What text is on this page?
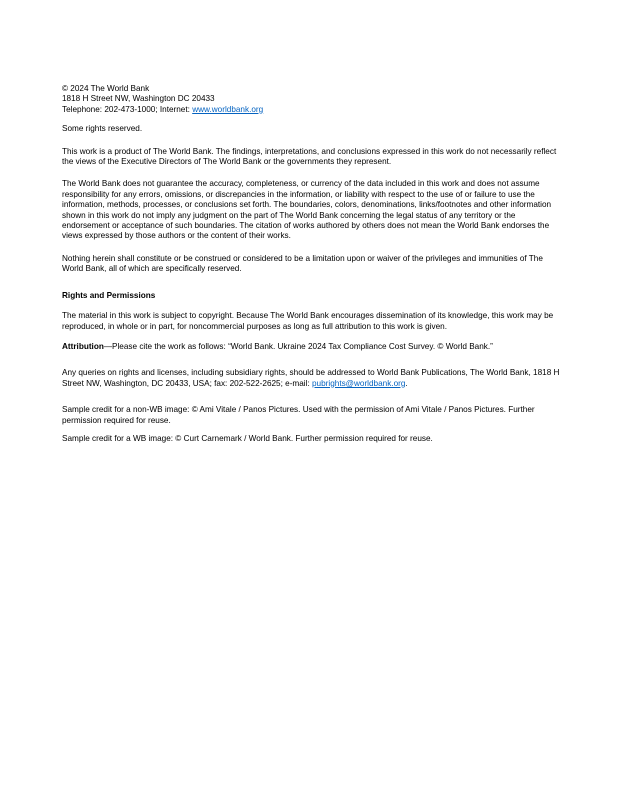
© 2024 The World Bank
1818 H Street NW, Washington DC 20433
Telephone: 202-473-1000; Internet: www.worldbank.org

Some rights reserved.

This work is a product of The World Bank. The findings, interpretations, and conclusions expressed in this work do not necessarily reflect the views of the Executive Directors of The World Bank or the governments they represent.

The World Bank does not guarantee the accuracy, completeness, or currency of the data included in this work and does not assume responsibility for any errors, omissions, or discrepancies in the information, or liability with respect to the use of or failure to use the information, methods, processes, or conclusions set forth. The boundaries, colors, denominations, links/footnotes and other information shown in this work do not imply any judgment on the part of The World Bank concerning the legal status of any territory or the endorsement or acceptance of such boundaries. The citation of works authored by others does not mean the World Bank endorses the views expressed by those authors or the content of their works.

Nothing herein shall constitute or be construed or considered to be a limitation upon or waiver of the privileges and immunities of The World Bank, all of which are specifically reserved.

Rights and Permissions

The material in this work is subject to copyright. Because The World Bank encourages dissemination of its knowledge, this work may be reproduced, in whole or in part, for noncommercial purposes as long as full attribution to this work is given.

Attribution—Please cite the work as follows: “World Bank. Ukraine 2024 Tax Compliance Cost Survey. © World Bank.”

Any queries on rights and licenses, including subsidiary rights, should be addressed to World Bank Publications, The World Bank, 1818 H Street NW, Washington, DC 20433, USA; fax: 202-522-2625; e-mail: pubrights@worldbank.org.

Sample credit for a non-WB image: © Ami Vitale / Panos Pictures. Used with the permission of Ami Vitale / Panos Pictures. Further permission required for reuse.

Sample credit for a WB image: © Curt Carnemark / World Bank. Further permission required for reuse.
